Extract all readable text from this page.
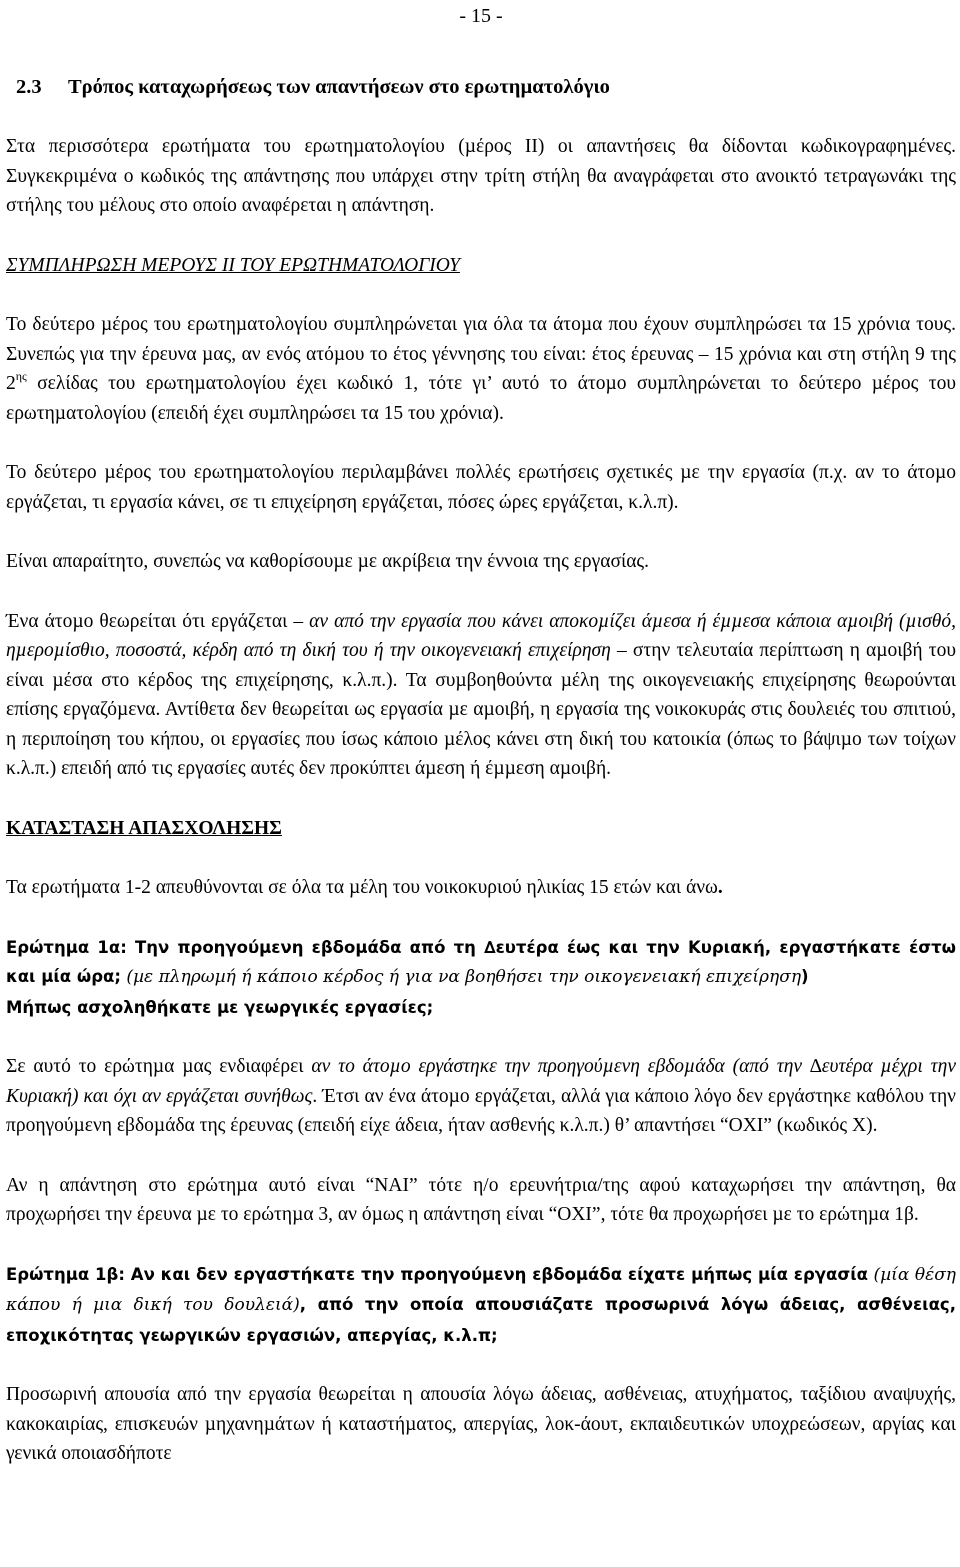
- 15 -
2.3 Τρόπος καταχωρήσεως των απαντήσεων στο ερωτηµατολόγιο

Στα περισσότερα ερωτήµατα του ερωτηµατολογίου (µέρος ΙΙ) οι απαντήσεις θα δίδονται κωδικογραφηµένες. Συγκεκριµένα ο κωδικός της απάντησης που υπάρχει στην τρίτη στήλη θα αναγράφεται στο ανοικτό τετραγωνάκι της στήλης του µέλους στο οποίο αναφέρεται η απάντηση.

ΣΥΜΠΛΗΡΩΣΗ ΜΕΡΟΥΣ ΙΙ ΤΟΥ ΕΡΩΤΗΜΑΤΟΛΟΓΙΟΥ

Το δεύτερο µέρος του ερωτηµατολογίου συµπληρώνεται για όλα τα άτοµα που έχουν συµπληρώσει τα 15 χρόνια τους. Συνεπώς για την έρευνα µας, αν ενός ατόµου το έτος γέννησης του είναι: έτος έρευνας – 15 χρόνια και στη στήλη 9 της $2^{\eta\varsigma}$ σελίδας του ερωτηµατολογίου έχει κωδικό 1, τότε γι’ αυτό το άτοµο συµπληρώνεται το δεύτερο µέρος του ερωτηµατολογίου (επειδή έχει συµπληρώσει τα 15 του χρόνια).

Το δεύτερο µέρος του ερωτηµατολογίου περιλαµβάνει πολλές ερωτήσεις σχετικές µε την εργασία (π.χ. αν το άτοµο εργάζεται, τι εργασία κάνει, σε τι επιχείρηση εργάζεται, πόσες ώρες εργάζεται, κ.λ.π).

Είναι απαραίτητο, συνεπώς να καθορίσουµε µε ακρίβεια την έννοια της εργασίας.

Ένα άτοµο θεωρείται ότι εργάζεται – αν από την εργασία που κάνει αποκοµίζει άµεσα ή έµµεσα κάποια αµοιβή (µισθό, ηµεροµίσθιο, ποσοστά, κέρδη από τη δική του ή την οικογενειακή επιχείρηση – στην τελευταία περίπτωση η αµοιβή του είναι µέσα στο κέρδος της επιχείρησης, κ.λ.π.). Τα συµβοηθούντα µέλη της οικογενειακής επιχείρησης θεωρούνται επίσης εργαζόµενα. Αντίθετα δεν θεωρείται ως εργασία µε αµοιβή, η εργασία της νοικοκυράς στις δουλειές του σπιτιού, η περιποίηση του κήπου, οι εργασίες που ίσως κάποιο µέλος κάνει στη δική του κατοικία (όπως το βάψιµο των τοίχων κ.λ.π.) επειδή από τις εργασίες αυτές δεν προκύπτει άµεση ή έµµεση αµοιβή.

ΚΑΤΑΣΤΑΣΗ ΑΠΑΣΧΟΛΗΣΗΣ

Τα ερωτήµατα 1-2 απευθύνονται σε όλα τα µέλη του νοικοκυριού ηλικίας 15 ετών και άνω.

Ερώτηµα 1α: Την προηγούµενη εβδοµάδα από τη ∆ευτέρα έως και την Κυριακή, εργαστήκατε έστω και µία ώρα; (µε πληρωµή ή κάποιο κέρδος ή για να βοηθήσει την οικογενειακή επιχείρηση)
Μήπως ασχοληθήκατε µε γεωργικές εργασίες;

Σε αυτό το ερώτηµα µας ενδιαφέρει αν το άτοµο εργάστηκε την προηγούµενη εβδοµάδα (από την ∆ευτέρα µέχρι την Κυριακή) και όχι αν εργάζεται συνήθως. Έτσι αν ένα άτοµο εργάζεται, αλλά για κάποιο λόγο δεν εργάστηκε καθόλου την προηγούµενη εβδοµάδα της έρευνας (επειδή είχε άδεια, ήταν ασθενής κ.λ.π.) θ’ απαντήσει “ΟΧΙ” (κωδικός Χ).

Αν η απάντηση στο ερώτηµα αυτό είναι “ΝΑΙ” τότε η/ο ερευνήτρια/της αφού καταχωρήσει την απάντηση, θα προχωρήσει την έρευνα µε το ερώτηµα 3, αν όµως η απάντηση είναι “ΟΧΙ”, τότε θα προχωρήσει µε το ερώτηµα 1β.

Ερώτηµα 1β: Αν και δεν εργαστήκατε την προηγούµενη εβδοµάδα είχατε µήπως µία εργασία (µία θέση κάπου ή µια δική του δουλειά), από την οποία απουσιάζατε προσωρινά λόγω άδειας, ασθένειας, εποχικότητας γεωργικών εργασιών, απεργίας, κ.λ.π;

Προσωρινή απουσία από την εργασία θεωρείται η απουσία λόγω άδειας, ασθένειας, ατυχήµατος, ταξίδιου αναψυχής, κακοκαιρίας, επισκευών µηχανηµάτων ή καταστήµατος, απεργίας, λοκ-άουτ, εκπαιδευτικών υποχρεώσεων, αργίας και γενικά οποιασδήποτε
